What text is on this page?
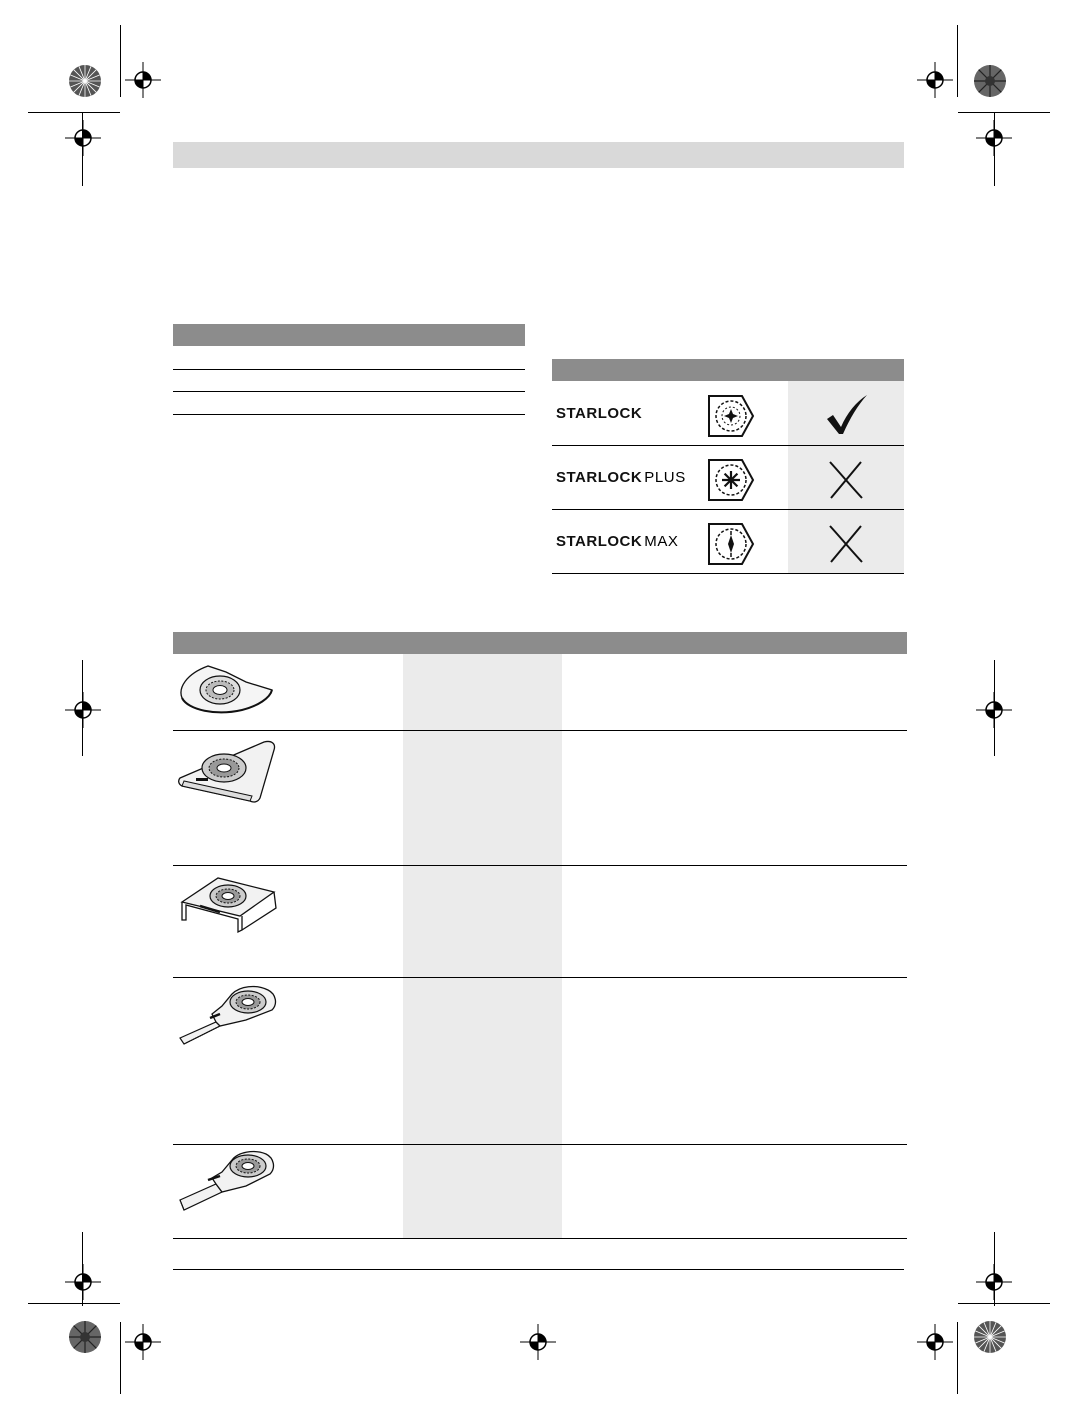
STARLOCK
STARLOCK PLUS
STARLOCK MAX
